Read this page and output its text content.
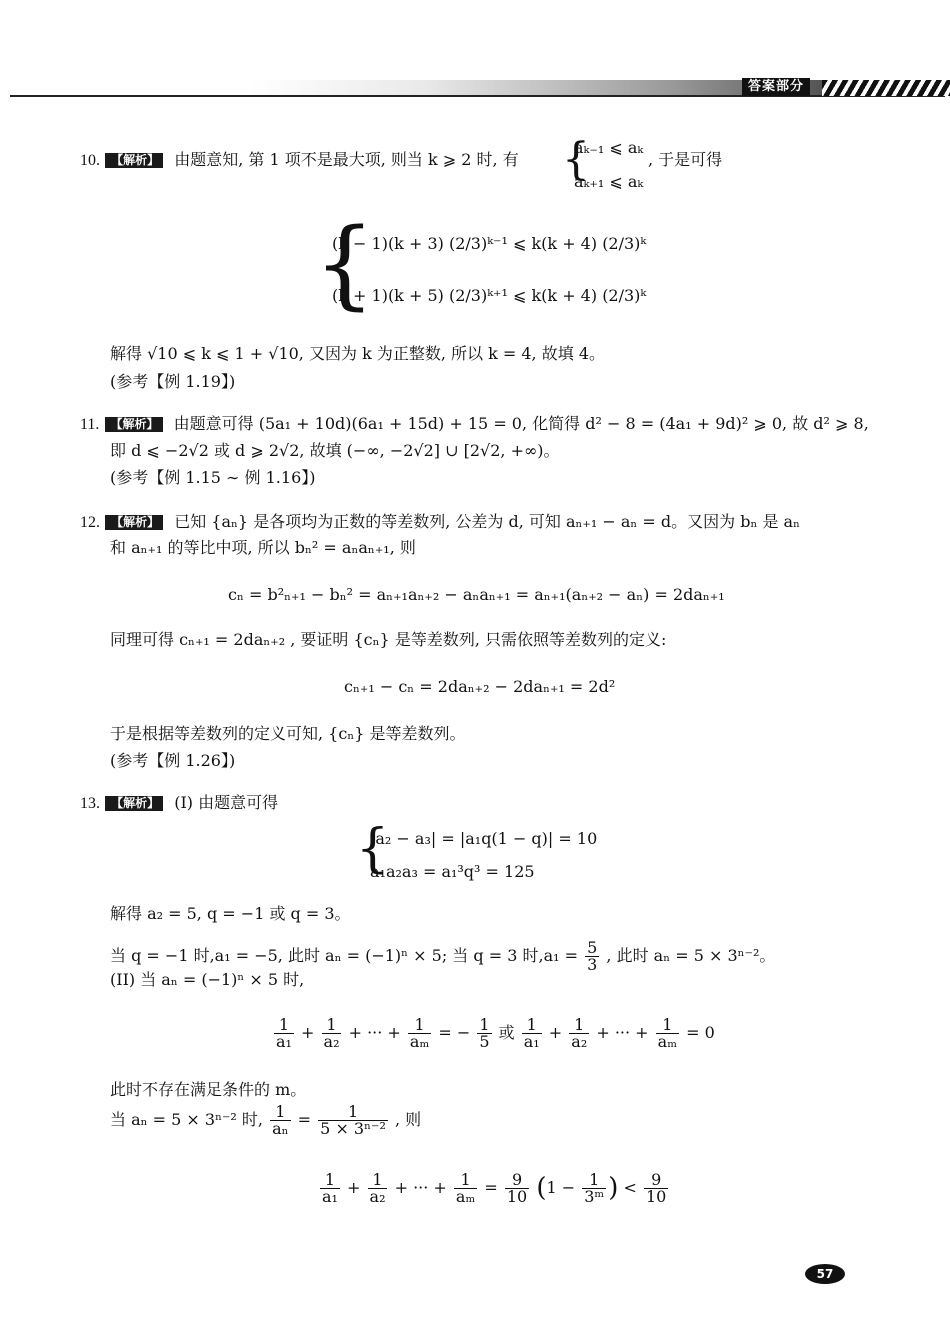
答案部分
10. 【解析】 由题意知, 第 1 项不是最大项, 则当 k ⩾ 2 时, 有 {
aₖ₋₁ ⩽ aₖ
aₖ₊₁ ⩽ aₖ
, 于是可得
{
(k − 1)(k + 3) (2/3)ᵏ⁻¹ ⩽ k(k + 4) (2/3)ᵏ
(k + 1)(k + 5) (2/3)ᵏ⁺¹ ⩽ k(k + 4) (2/3)ᵏ
解得 √10 ⩽ k ⩽ 1 + √10, 又因为 k 为正整数, 所以 k = 4, 故填 4。
(参考【例 1.19】)
11. 【解析】 由题意可得 (5a₁ + 10d)(6a₁ + 15d) + 15 = 0, 化简得 d² − 8 = (4a₁ + 9d)² ⩾ 0, 故 d² ⩾ 8,
即 d ⩽ −2√2 或 d ⩾ 2√2, 故填 (−∞, −2√2] ∪ [2√2, +∞)。
(参考【例 1.15 ∼ 例 1.16】)
12. 【解析】 已知 {aₙ} 是各项均为正数的等差数列, 公差为 d, 可知 aₙ₊₁ − aₙ = d。又因为 bₙ 是 aₙ
和 aₙ₊₁ 的等比中项, 所以 bₙ² = aₙaₙ₊₁, 则
cₙ = b²ₙ₊₁ − bₙ² = aₙ₊₁aₙ₊₂ − aₙaₙ₊₁ = aₙ₊₁(aₙ₊₂ − aₙ) = 2daₙ₊₁
同理可得 cₙ₊₁ = 2daₙ₊₂ , 要证明 {cₙ} 是等差数列, 只需依照等差数列的定义:
cₙ₊₁ − cₙ = 2daₙ₊₂ − 2daₙ₊₁ = 2d²
于是根据等差数列的定义可知, {cₙ} 是等差数列。
(参考【例 1.26】)
13. 【解析】 (I) 由题意可得
{
|a₂ − a₃| = |a₁q(1 − q)| = 10
a₁a₂a₃ = a₁³q³ = 125
解得 a₂ = 5, q = −1 或 q = 3。
当 q = −1 时,a₁ = −5, 此时 aₙ = (−1)ⁿ × 5; 当 q = 3 时$,a_1 = \frac{5}{3}$ , 此时 aₙ = 5 × 3ⁿ⁻²。
(II) 当 aₙ = (−1)ⁿ × 5 时,
$\frac{1}{\text{a₁}} + \frac{1}{\text{a₂}}$ + ··· + $\frac{1}{\text{aₘ}}$ = − $\frac{1}{5}$ 或 $\frac{1}{\text{a₁}} + \frac{1}{\text{a₂}}$ + ··· + $\frac{1}{\text{aₘ}} = 0$
此时不存在满足条件的 m。
当 aₙ = 5 × 3ⁿ⁻² 时, $\frac{1}{\text{aₙ}} = \frac{1}{\text{5 × 3ⁿ⁻²}}$ , 则
$\frac{1}{\text{a₁}} + \frac{1}{\text{a₂}}$ + ··· + $\frac{1}{\text{aₘ}} = \frac{9}{10} (1 - \frac{1}{\text{3ᵐ}}$ ) < $\frac{9}{10}$
57
